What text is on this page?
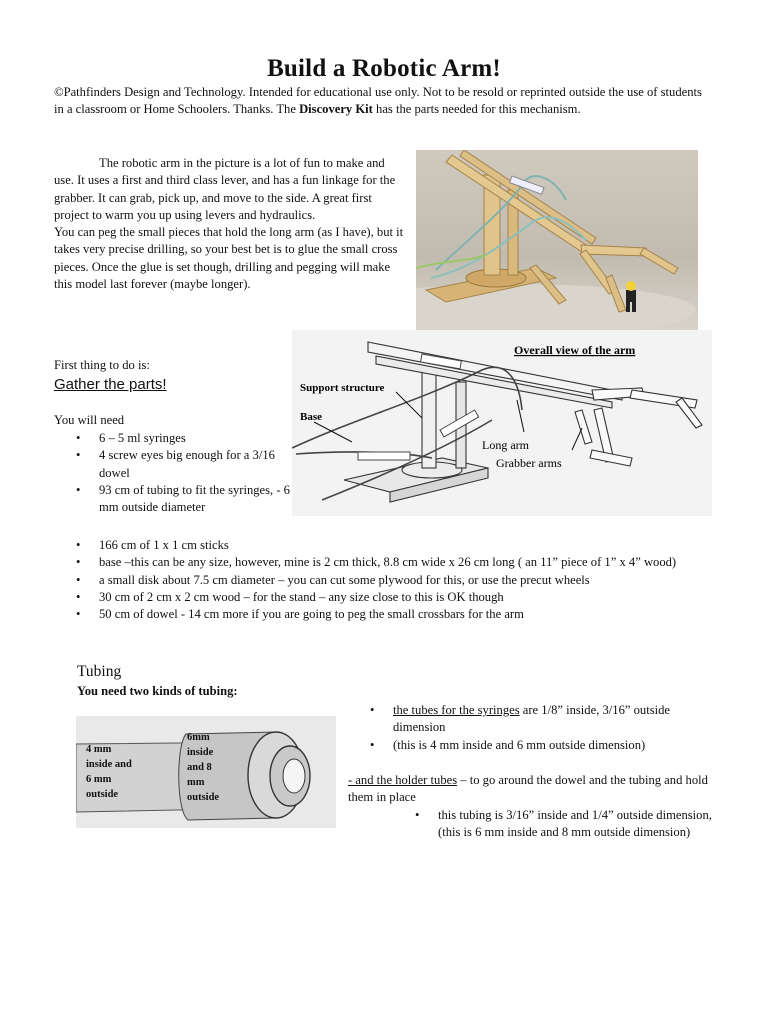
Build a Robotic Arm!
©Pathfinders Design and Technology. Intended for educational use only. Not to be resold or reprinted outside the use of students in a classroom or Home Schoolers. Thanks. The Discovery Kit has the parts needed for this mechanism.
The robotic arm in the picture is a lot of fun to make and use. It uses a first and third class lever, and has a fun linkage for the grabber. It can grab, pick up, and move to the side. A great first project to warm you up using levers and hydraulics.
You can peg the small pieces that hold the long arm (as I have), but it takes very precise drilling, so your best bet is to glue the small cross pieces. Once the glue is set though, drilling and pegging will make this model last forever (maybe longer).
Overall view of the arm
Support structure
Base
Long arm
Grabber arms
First thing to do is:
Gather the parts!
You will need
• 6 – 5 ml syringes
• 4 screw eyes big enough for a 3/16 dowel
• 93 cm of tubing to fit the syringes, - 6 mm outside diameter
• 166 cm of 1 x 1 cm sticks
• base –this can be any size, however, mine is 2 cm thick, 8.8 cm wide x 26 cm long ( an 11” piece of 1” x 4” wood)
• a small disk about 7.5 cm diameter – you can cut some plywood for this, or use the precut wheels
• 30 cm of 2 cm x 2 cm wood – for the stand – any size close to this is OK though
• 50 cm of dowel - 14 cm more if you are going to peg the small crossbars for the arm
Tubing
You need two kinds of tubing:
4 mm
inside and
6 mm
outside
6mm
inside
and 8
mm
outside
• the tubes for the syringes are 1/8” inside, 3/16” outside dimension
• (this is 4 mm inside and 6 mm outside dimension)
- and the holder tubes – to go around the dowel and the tubing and hold them in place
• this tubing is 3/16” inside and 1/4” outside dimension, (this is 6 mm inside and 8 mm outside dimension)
